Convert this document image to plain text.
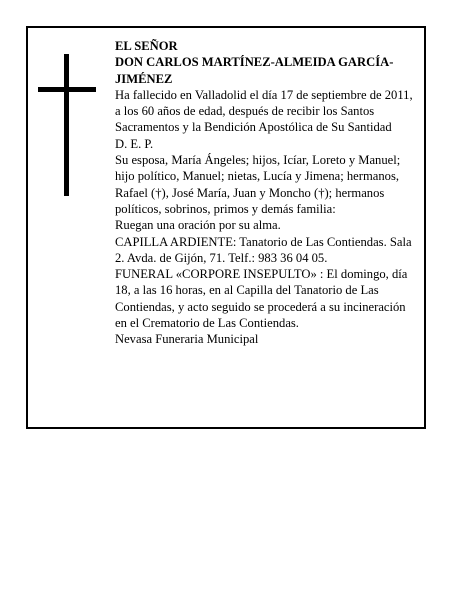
EL SEÑOR

DON CARLOS MARTÍNEZ-ALMEIDA GARCÍA-JIMÉNEZ

Ha fallecido en Valladolid el día 17 de septiembre de 2011, a los 60 años de edad, después de recibir los Santos Sacramentos y la Bendición Apostólica de Su Santidad

D. E. P.

Su esposa, María Ángeles; hijos, Icíar, Loreto y Manuel; hijo político, Manuel; nietas, Lucía y Jimena; hermanos, Rafael (†), José María, Juan y Moncho (†); hermanos políticos, sobrinos, primos y demás familia:

Ruegan una oración por su alma.

CAPILLA ARDIENTE: Tanatorio de Las Contiendas. Sala 2. Avda. de Gijón, 71. Telf.: 983 36 04 05.

FUNERAL «CORPORE INSEPULTO» : El domingo, día 18, a las 16 horas, en al Capilla del Tanatorio de Las Contiendas, y acto seguido se procederá a su incineración en el Crematorio de Las Contiendas.

Nevasa Funeraria Municipal
